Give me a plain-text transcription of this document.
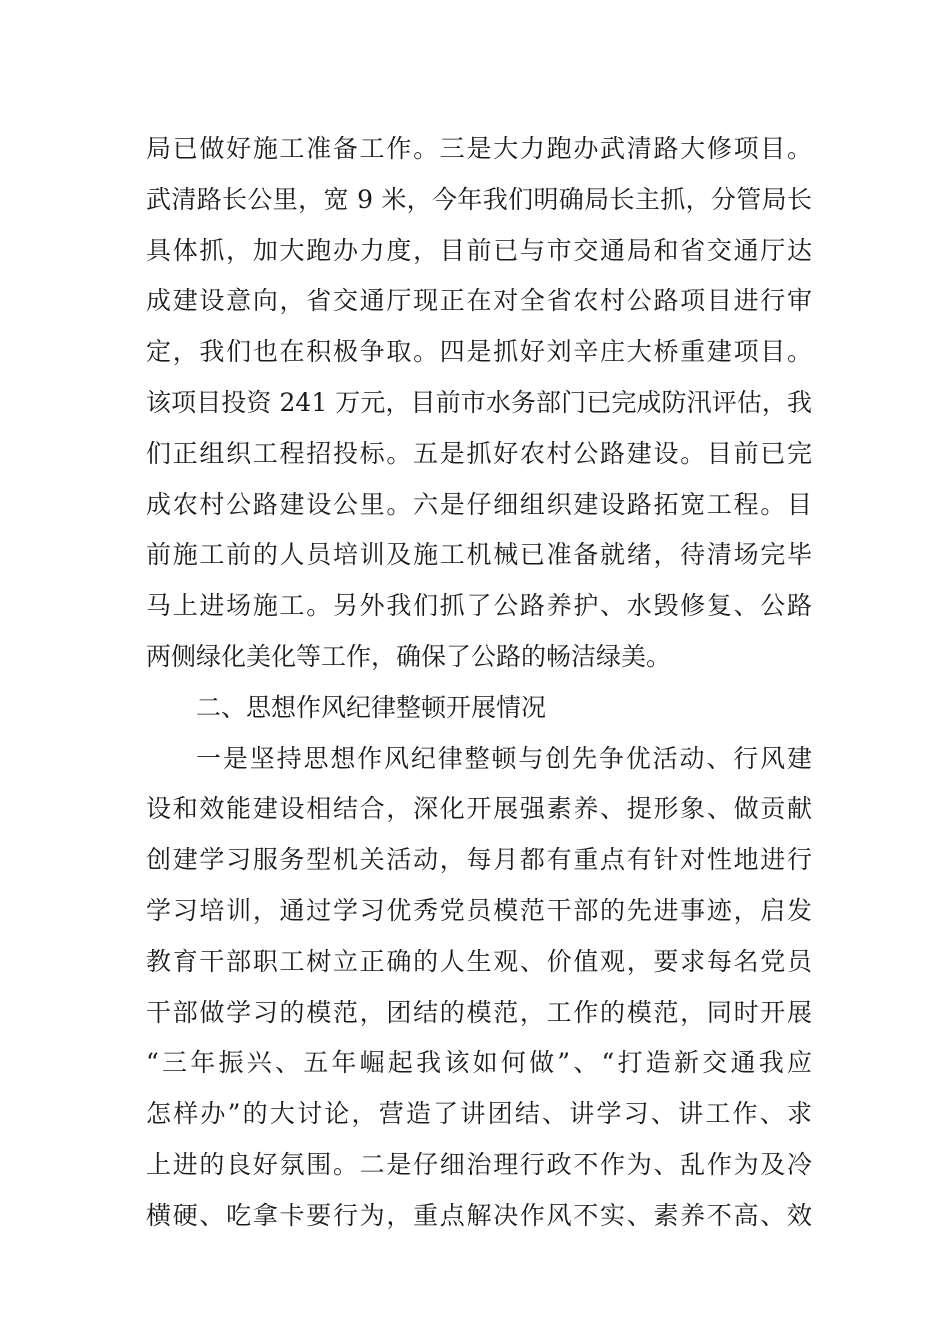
局已做好施工准备工作。三是大力跑办武清路大修项目。
武清路长公里，宽 9 米，今年我们明确局长主抓，分管局长
具体抓，加大跑办力度，目前已与市交通局和省交通厅达
成建设意向，省交通厅现正在对全省农村公路项目进行审
定，我们也在积极争取。四是抓好刘辛庄大桥重建项目。
该项目投资 241 万元，目前市水务部门已完成防汛评估，我
们正组织工程招投标。五是抓好农村公路建设。目前已完
成农村公路建设公里。六是仔细组织建设路拓宽工程。目
前施工前的人员培训及施工机械已准备就绪，待清场完毕
马上进场施工。另外我们抓了公路养护、水毁修复、公路
两侧绿化美化等工作，确保了公路的畅洁绿美。
二、思想作风纪律整顿开展情况
一是坚持思想作风纪律整顿与创先争优活动、行风建
设和效能建设相结合，深化开展强素养、提形象、做贡献
创建学习服务型机关活动，每月都有重点有针对性地进行
学习培训，通过学习优秀党员模范干部的先进事迹，启发
教育干部职工树立正确的人生观、价值观，要求每名党员
干部做学习的模范，团结的模范，工作的模范，同时开展
“三年振兴、五年崛起我该如何做”、“打造新交通我应
怎样办”的大讨论，营造了讲团结、讲学习、讲工作、求
上进的良好氛围。二是仔细治理行政不作为、乱作为及冷
横硬、吃拿卡要行为，重点解决作风不实、素养不高、效
